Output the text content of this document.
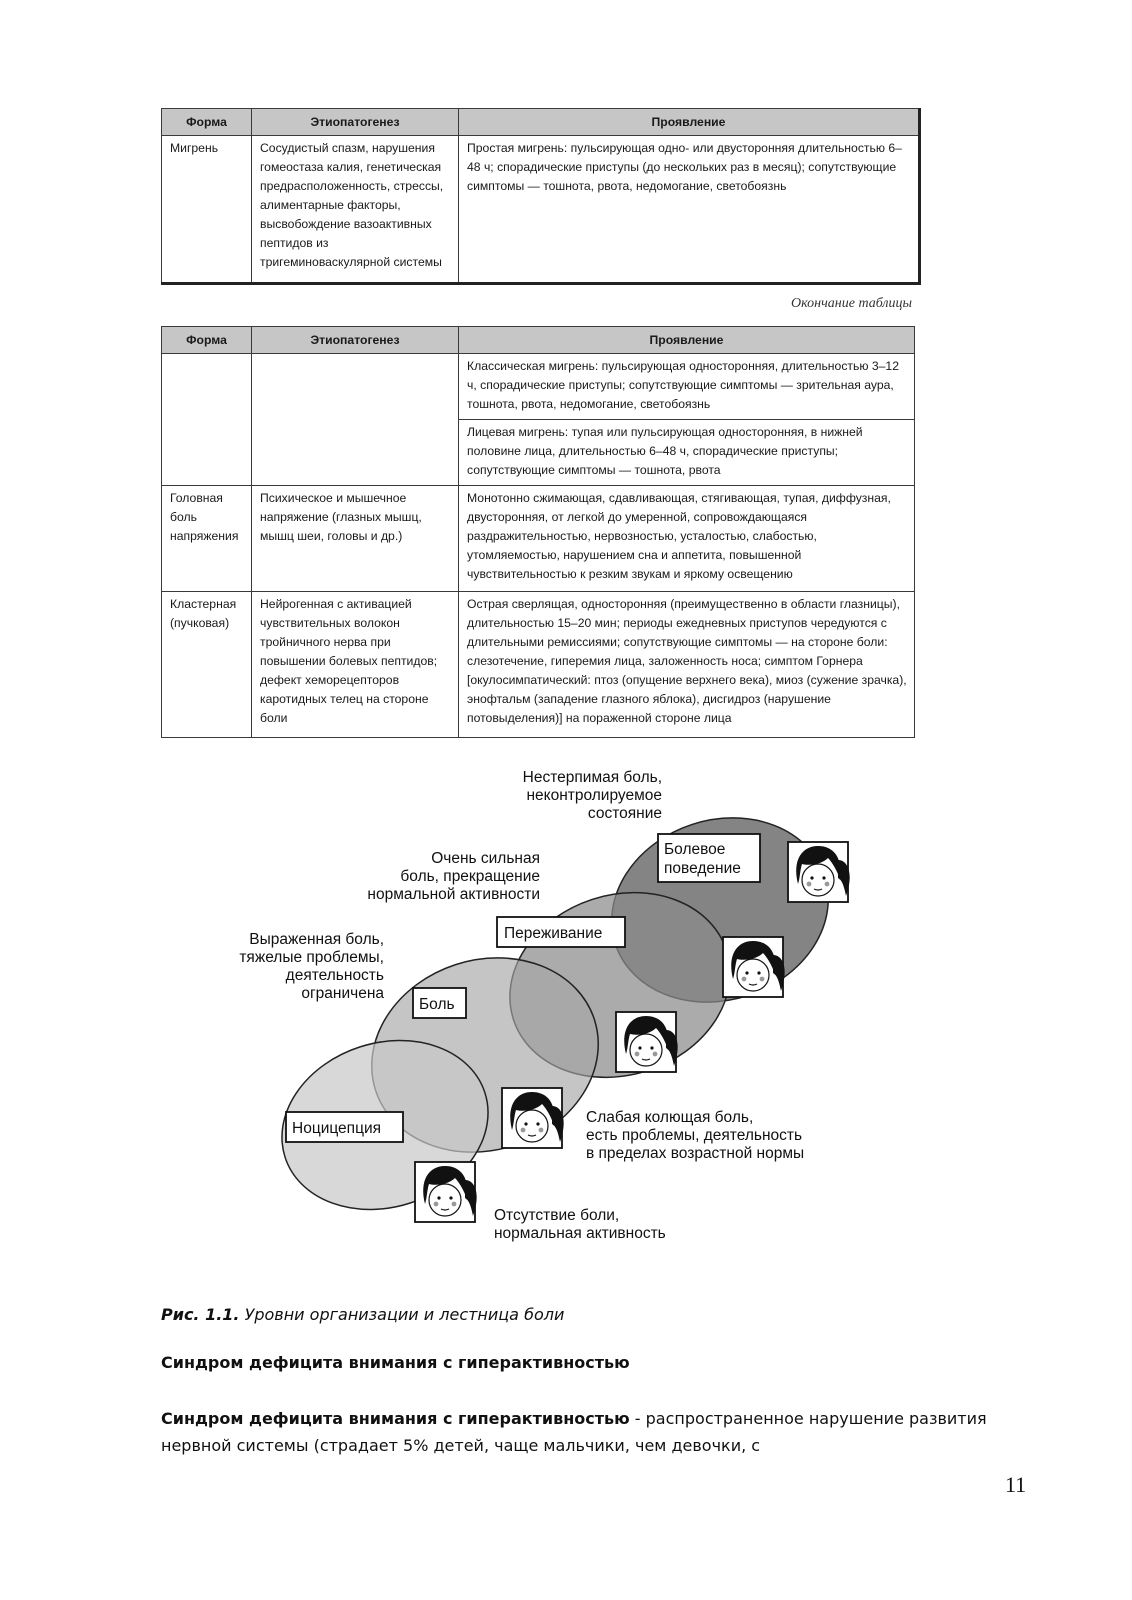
Форма	Этиопатогенез	Проявление
Мигрень	Сосудистый спазм, нарушения гомеостаза калия, генетическая предрасположенность, стрессы, алиментарные факторы, высвобождение вазоактивных пептидов из тригеминоваскулярной системы	Простая мигрень: пульсирующая одно- или двусторонняя длительностью 6–48 ч; спорадические приступы (до нескольких раз в месяц); сопутствующие симптомы — тошнота, рвота, недомогание, светобоязнь
Окончание таблицы
Форма	Этиопатогенез	Проявление
		Классическая мигрень: пульсирующая односторонняя, длительностью 3–12 ч, спорадические приступы; сопутствующие симптомы — зрительная аура, тошнота, рвота, недомогание, светобоязнь
		Лицевая мигрень: тупая или пульсирующая односторонняя, в нижней половине лица, длительностью 6–48 ч, спорадические приступы; сопутствующие симптомы — тошнота, рвота
Головная боль напряжения	Психическое и мышечное напряжение (глазных мышц, мышц шеи, головы и др.)	Монотонно сжимающая, сдавливающая, стягивающая, тупая, диффузная, двусторонняя, от легкой до умеренной, сопровождающаяся раздражительностью, нервозностью, усталостью, слабостью, утомляемостью, нарушением сна и аппетита, повышенной чувствительностью к резким звукам и яркому освещению
Кластерная (пучковая)	Нейрогенная с активацией чувствительных волокон тройничного нерва при повышении болевых пептидов; дефект хеморецепторов каротидных телец на стороне боли	Острая сверлящая, односторонняя (преимущественно в области глазницы), длительностью 15–20 мин; периоды ежедневных приступов чередуются с длительными ремиссиями; сопутствующие симптомы — на стороне боли: слезотечение, гиперемия лица, заложенность носа; симптом Горнера [окулосимпатический: птоз (опущение верхнего века), миоз (сужение зрачка), энофтальм (западение глазного яблока), дисгидроз (нарушение потовыделения)] на пораженной стороне лица
Ноцицепция
Боль
Переживание
Болевое
поведение
Нестерпимая боль,
неконтролируемое
состояние
Очень сильная
боль, прекращение
нормальной активности
Выраженная боль,
тяжелые проблемы,
деятельность
ограничена
Слабая колющая боль,
есть проблемы, деятельность
в пределах возрастной нормы
Отсутствие боли,
нормальная активность
Рис. 1.1. Уровни организации и лестница боли
Синдром дефицита внимания с гиперактивностью
Синдром дефицита внимания с гиперактивностью - распространенное нарушение развития нервной системы (страдает 5% детей, чаще мальчики, чем девочки, с
11
